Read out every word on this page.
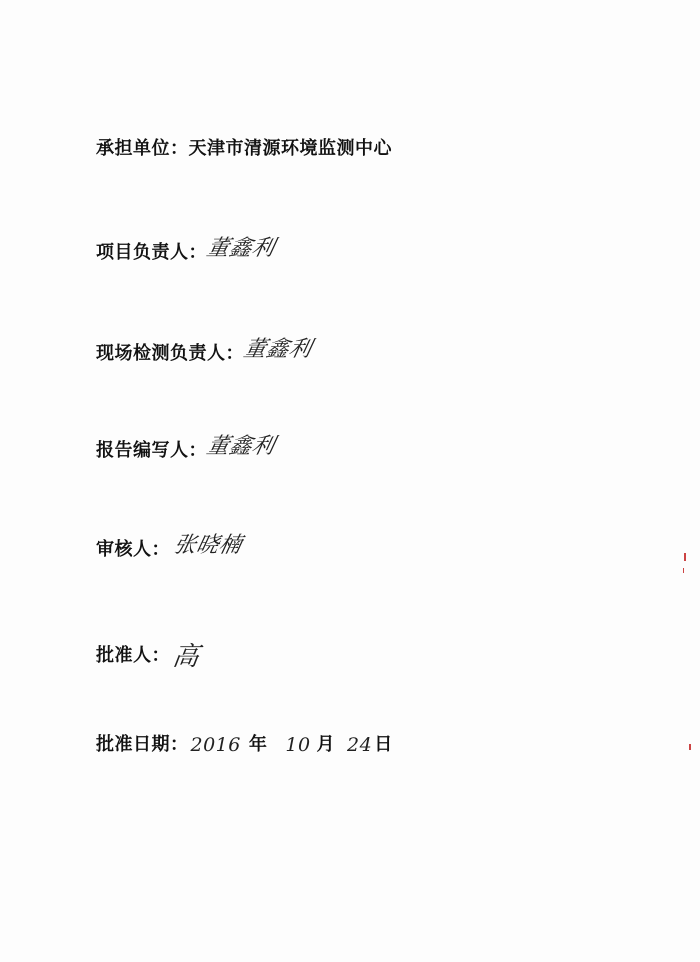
承担单位： 天津市清源环境监测中心
项目负责人：
董鑫利
现场检测负责人：
董鑫利
报告编写人：
董鑫利
审核人： 张晓楠
批准人： 高
批准日期： 2016 年 10 月 24 日
